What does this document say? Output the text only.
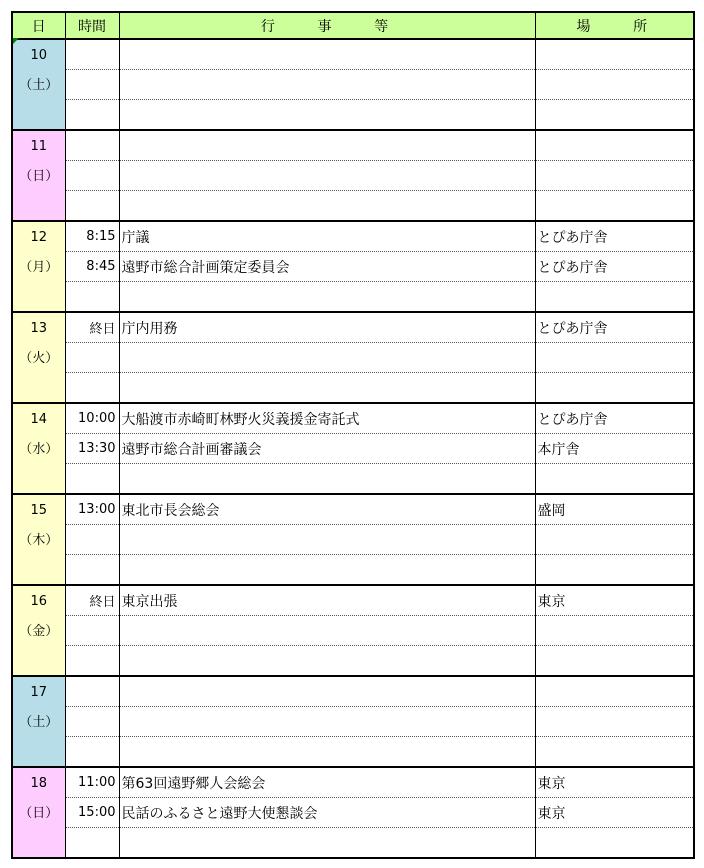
日	時間	行　　事　　等	場　　所

10
（土）			

11
（日）			

12
（月）	8:15	庁議	とぴあ庁舎
	8:45	遠野市総合計画策定委員会	とぴあ庁舎

13
（火）	終日	庁内用務	とぴあ庁舎

14
（水）	10:00	大船渡市赤崎町林野火災義援金寄託式	とぴあ庁舎
	13:30	遠野市総合計画審議会	本庁舎

15
（木）	13:00	東北市長会総会	盛岡

16
（金）	終日	東京出張	東京

17
（土）			

18
（日）	11:00	第63回遠野郷人会総会	東京
	15:00	民話のふるさと遠野大使懇談会	東京
